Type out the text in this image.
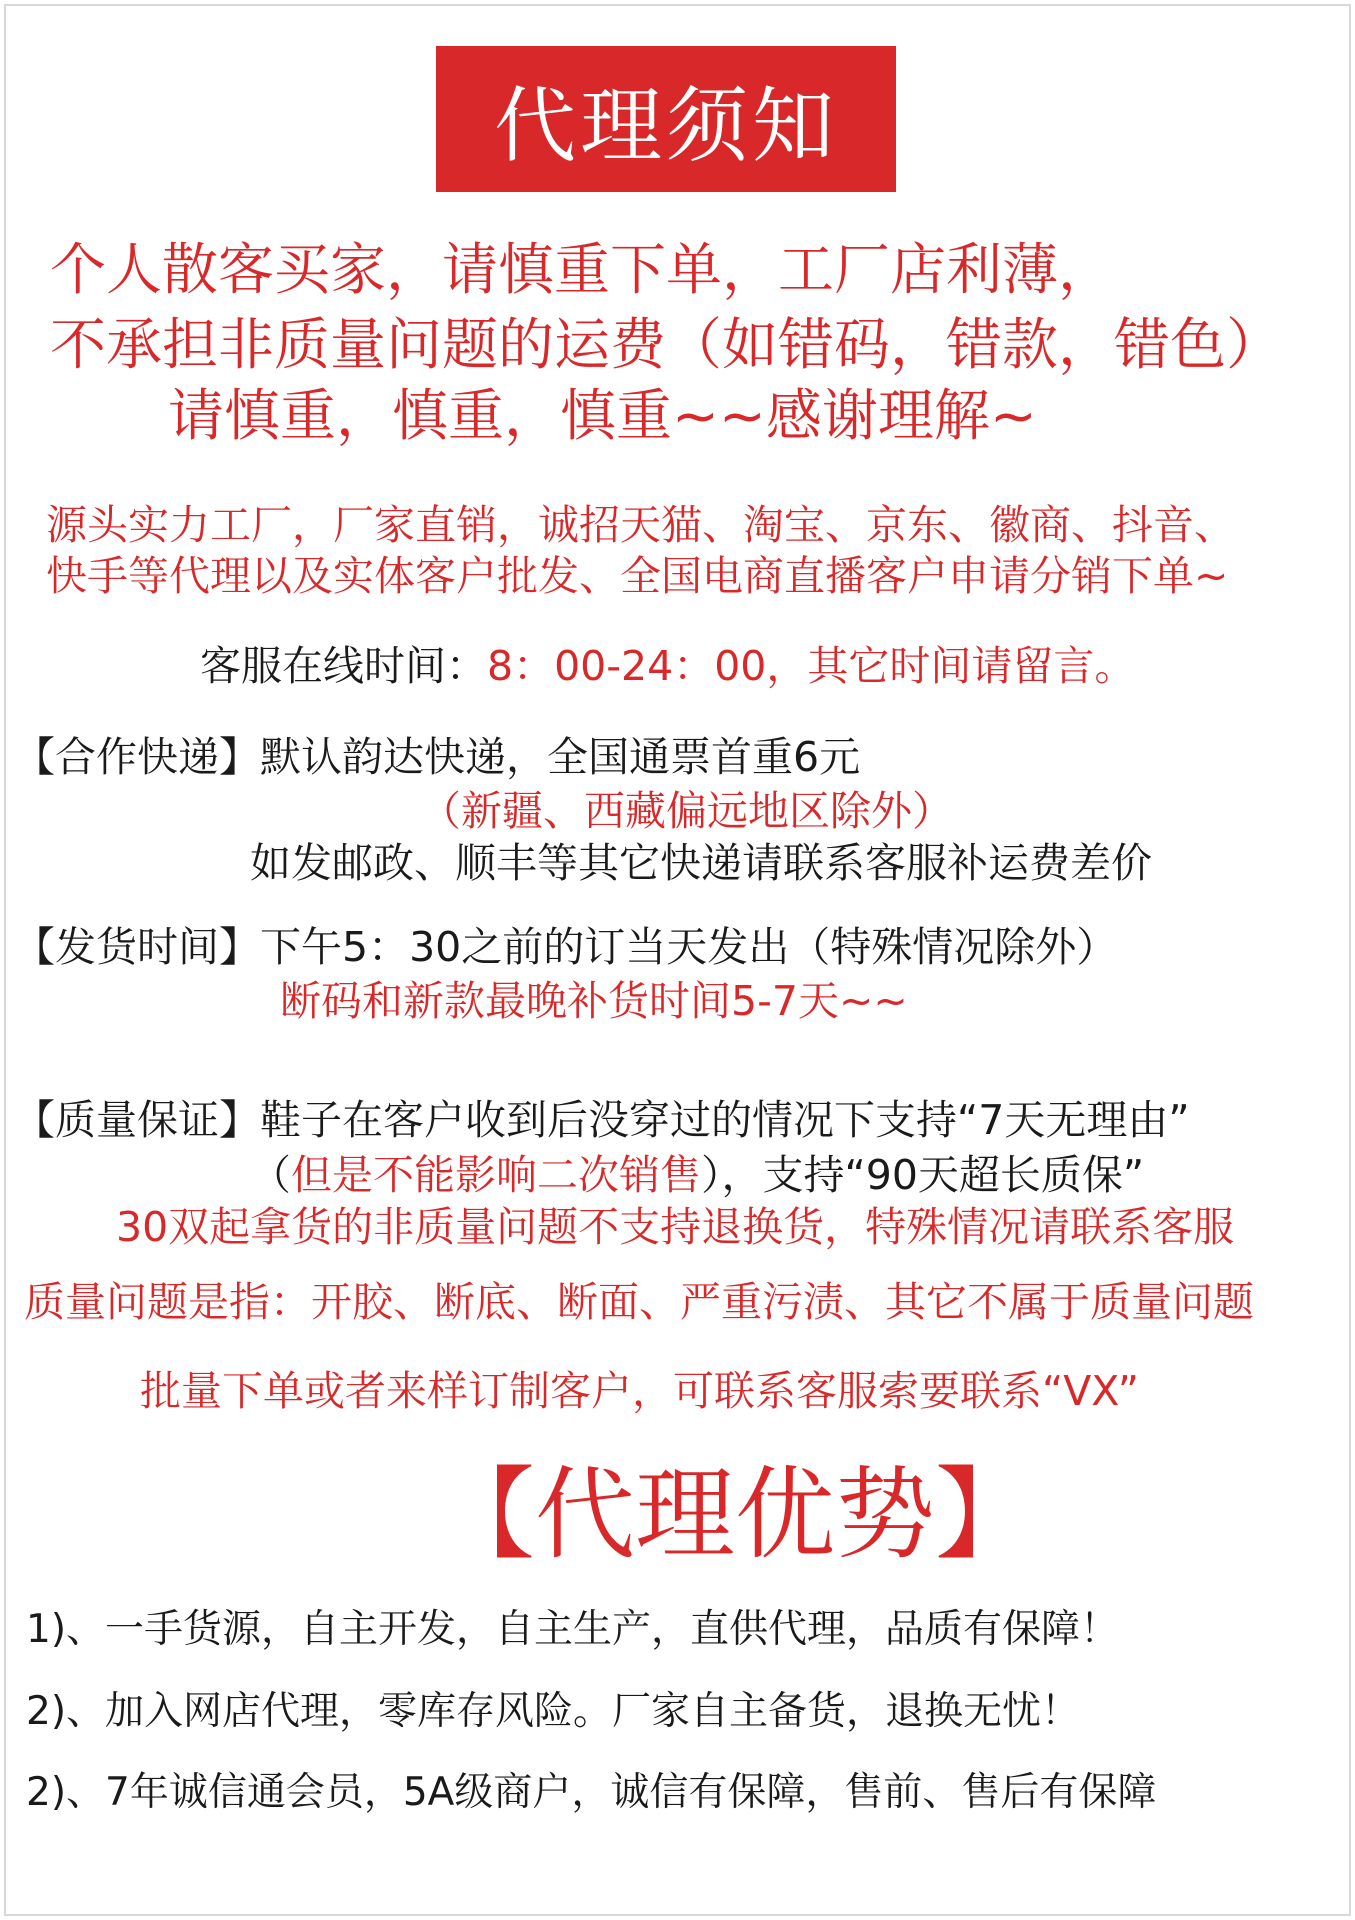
代理须知
个人散客买家，请慎重下单，工厂店利薄，
不承担非质量问题的运费（如错码，错款，错色）
请慎重，慎重，慎重~~感谢理解~
源头实力工厂，厂家直销，诚招天猫、淘宝、京东、徽商、抖音、
快手等代理以及实体客户批发、全国电商直播客户申请分销下单~
客服在线时间：8：00-24：00，其它时间请留言。
【合作快递】默认韵达快递，全国通票首重6元
（新疆、西藏偏远地区除外）
如发邮政、顺丰等其它快递请联系客服补运费差价
【发货时间】下午5：30之前的订当天发出（特殊情况除外）
断码和新款最晚补货时间5-7天~~
【质量保证】鞋子在客户收到后没穿过的情况下支持“7天无理由”
（但是不能影响二次销售），支持“90天超长质保”
30双起拿货的非质量问题不支持退换货，特殊情况请联系客服
质量问题是指：开胶、断底、断面、严重污渍、其它不属于质量问题
批量下单或者来样订制客户，可联系客服索要联系“VX”
【代理优势】
1)、一手货源，自主开发，自主生产，直供代理，品质有保障！
2)、加入网店代理，零库存风险。厂家自主备货，退换无忧！
2)、7年诚信通会员，5A级商户，诚信有保障，售前、售后有保障
